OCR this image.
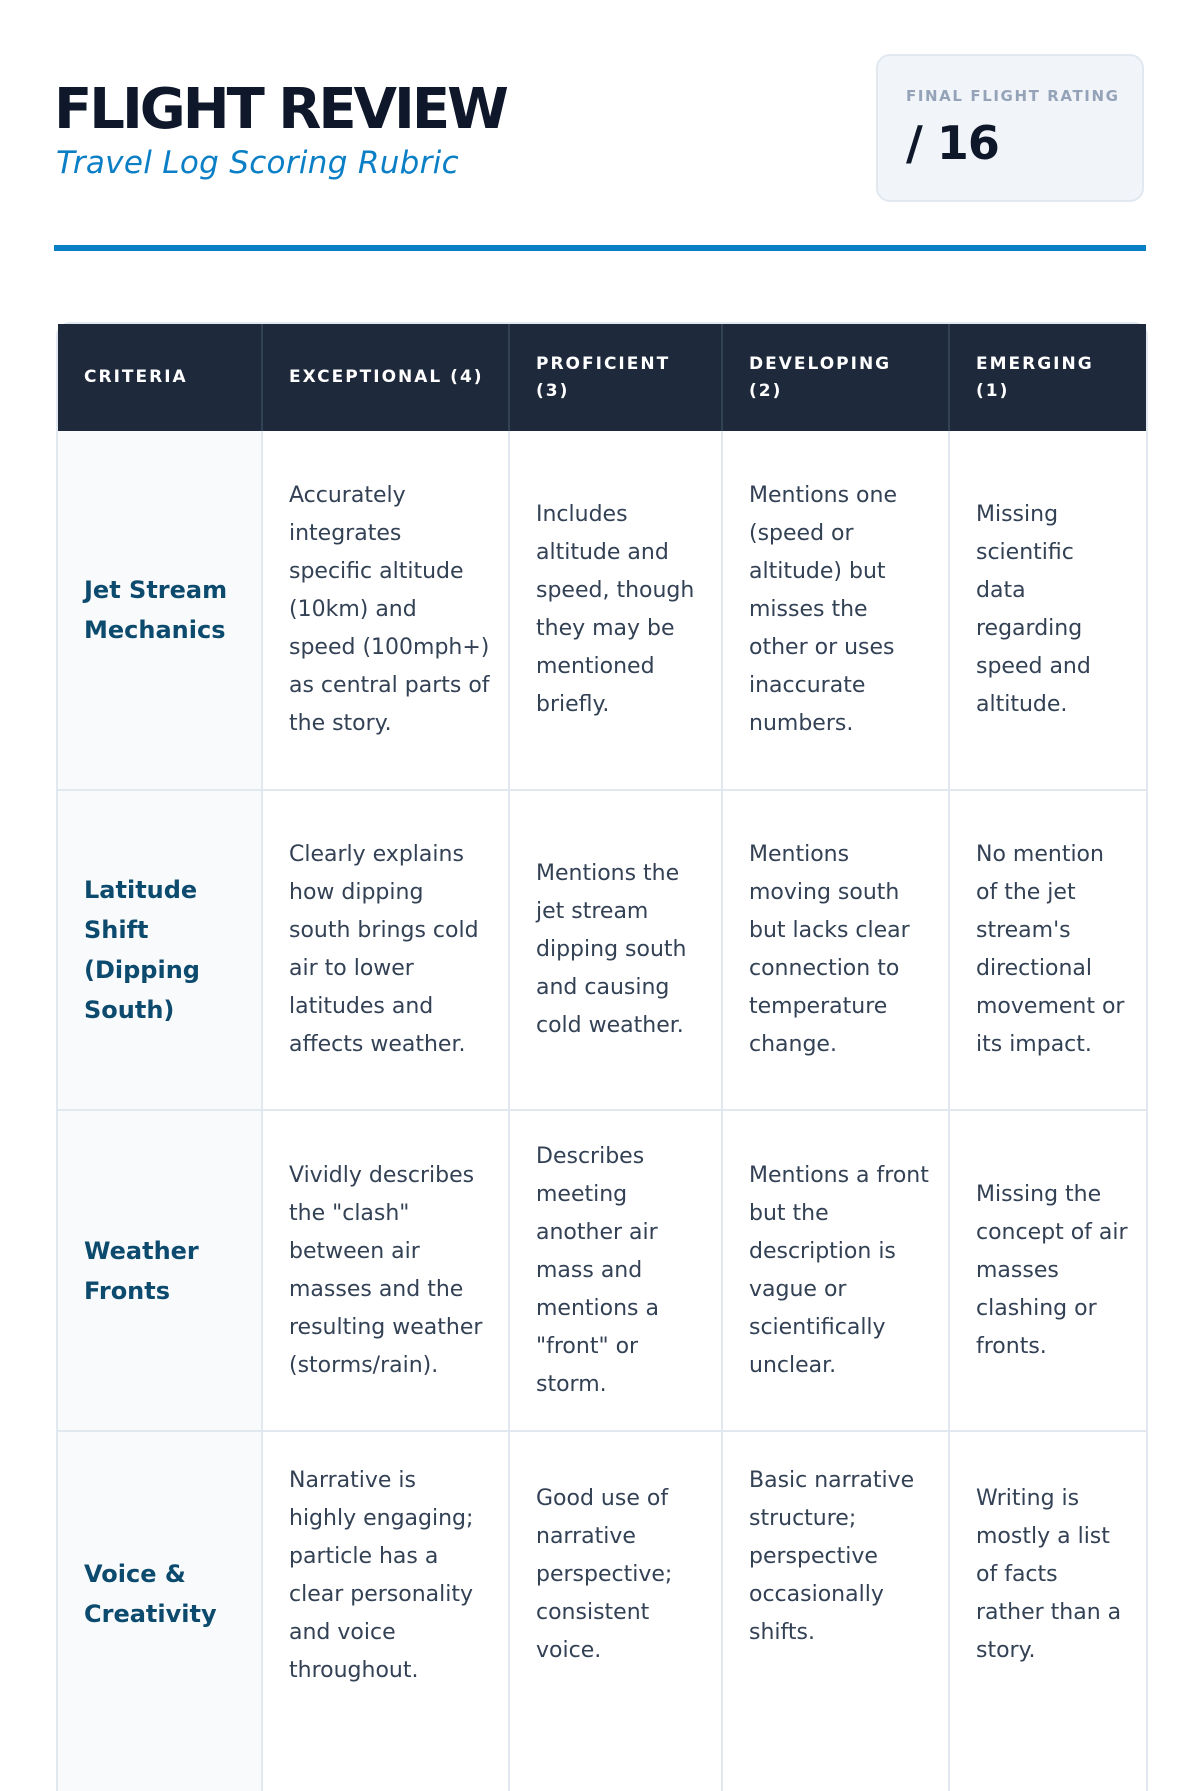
FLIGHT REVIEW
Travel Log Scoring Rubric
FINAL FLIGHT RATING
/ 16
CRITERIA	EXCEPTIONAL (4)	PROFICIENT (3)	DEVELOPING (2)	EMERGING (1)
Jet Stream Mechanics	Accurately integrates specific altitude (10km) and speed (100mph+) as central parts of the story.	Includes altitude and speed, though they may be mentioned briefly.	Mentions one (speed or altitude) but misses the other or uses inaccurate numbers.	Missing scientific data regarding speed and altitude.
Latitude Shift (Dipping South)	Clearly explains how dipping south brings cold air to lower latitudes and affects weather.	Mentions the jet stream dipping south and causing cold weather.	Mentions moving south but lacks clear connection to temperature change.	No mention of the jet stream's directional movement or its impact.
Weather Fronts	Vividly describes the "clash" between air masses and the resulting weather (storms/rain).	Describes meeting another air mass and mentions a "front" or storm.	Mentions a front but the description is vague or scientifically unclear.	Missing the concept of air masses clashing or fronts.
Voice & Creativity	Narrative is highly engaging; particle has a clear personality and voice throughout.	Good use of narrative perspective; consistent voice.	Basic narrative structure; perspective occasionally shifts.	Writing is mostly a list of facts rather than a story.
